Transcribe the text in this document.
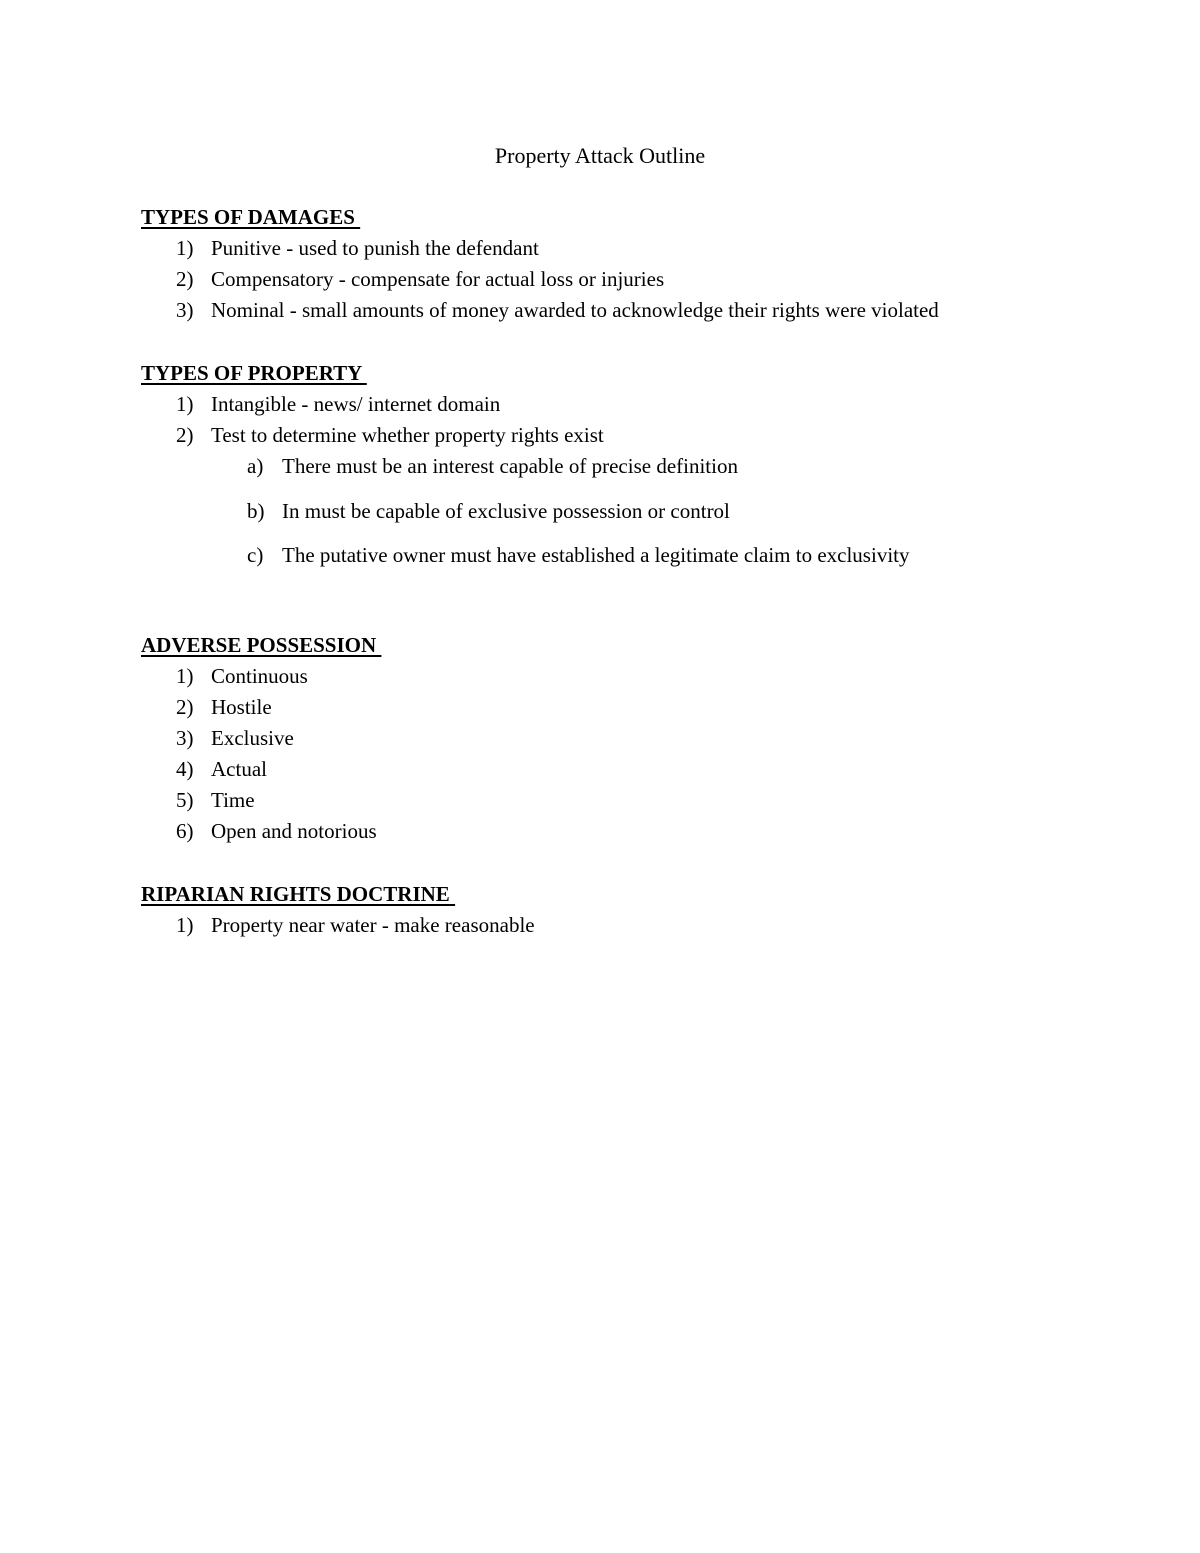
Property Attack Outline
TYPES OF DAMAGES
1) Punitive - used to punish the defendant
2) Compensatory - compensate for actual loss or injuries
3) Nominal - small amounts of money awarded to acknowledge their rights were violated
TYPES OF PROPERTY
1) Intangible - news/ internet domain
2) Test to determine whether property rights exist
a) There must be an interest capable of precise definition
b) In must be capable of exclusive possession or control
c) The putative owner must have established a legitimate claim to exclusivity
ADVERSE POSSESSION
1) Continuous
2) Hostile
3) Exclusive
4) Actual
5) Time
6) Open and notorious
RIPARIAN RIGHTS DOCTRINE
1) Property near water - make reasonable
